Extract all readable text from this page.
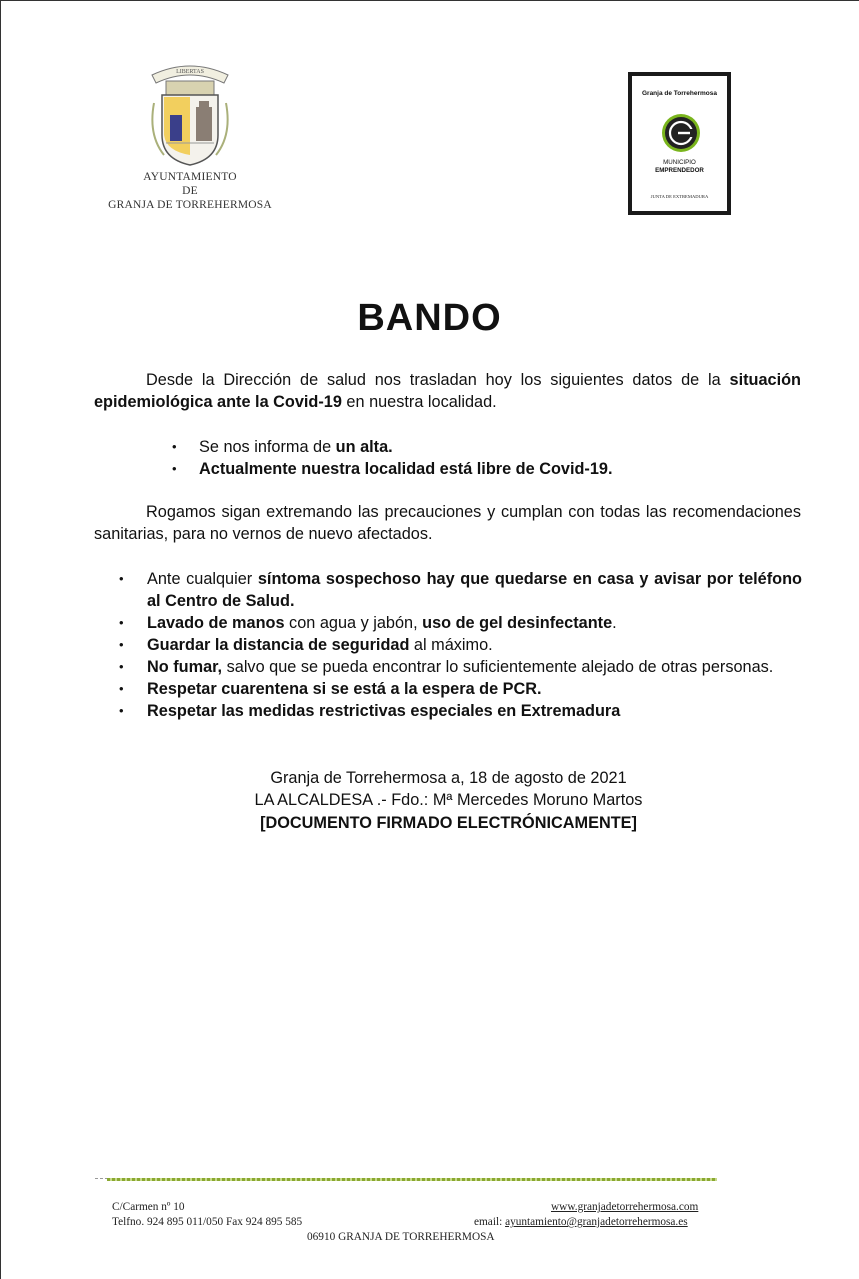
LIBERTAS
AYUNTAMIENTO
DE
GRANJA DE TORREHERMOSA
Granja de Torrehermosa
MUNICIPIO
EMPRENDEDOR
JUNTA DE EXTREMADURA
BANDO
Desde la Dirección de salud nos trasladan hoy los siguientes datos de la situación epidemiológica ante la Covid-19 en nuestra localidad.
• Se nos informa de un alta.
• Actualmente nuestra localidad está libre de Covid-19.
Rogamos sigan extremando las precauciones y cumplan con todas las recomendaciones sanitarias, para no vernos de nuevo afectados.
• Ante cualquier síntoma sospechoso hay que quedarse en casa y avisar por teléfono al Centro de Salud.
• Lavado de manos con agua y jabón, uso de gel desinfectante.
• Guardar la distancia de seguridad al máximo.
• No fumar, salvo que se pueda encontrar lo suficientemente alejado de otras personas.
• Respetar cuarentena si se está a la espera de PCR.
• Respetar las medidas restrictivas especiales en Extremadura
Granja de Torrehermosa a, 18 de agosto de 2021
LA ALCALDESA .- Fdo.: Mª Mercedes Moruno Martos
[DOCUMENTO FIRMADO ELECTRÓNICAMENTE]
C/Carmen nº 10
Telfno. 924 895 011/050 Fax 924 895 585
www.granjadetorrehermosa.com
email: ayuntamiento@granjadetorrehermosa.es
06910 GRANJA DE TORREHERMOSA
